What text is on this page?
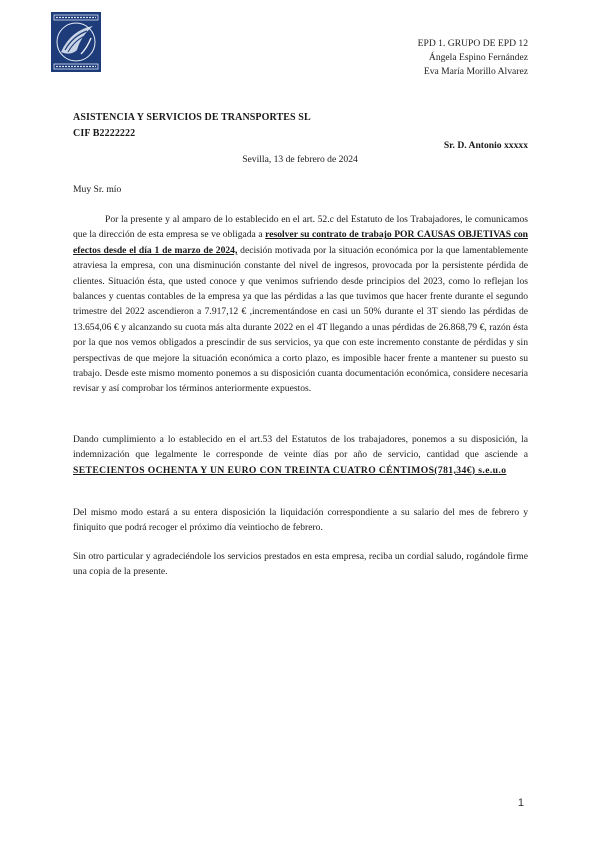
EPD 1. GRUPO DE EPD 12
Ángela Espino Fernández
Eva María Morillo Alvarez
ASISTENCIA Y SERVICIOS DE TRANSPORTES SL
CIF B2222222
Sr. D. Antonio xxxxx
Sevilla, 13 de febrero de 2024
Muy Sr. mío

Por la presente y al amparo de lo establecido en el art. 52.c del Estatuto de los Trabajadores, le comunicamos que la dirección de esta empresa se ve obligada a resolver su contrato de trabajo POR CAUSAS OBJETIVAS con efectos desde el día 1 de marzo de 2024, decisión motivada por la situación económica por la que lamentablemente atraviesa la empresa, con una disminución constante del nivel de ingresos, provocada por la persistente pérdida de clientes. Situación ésta, que usted conoce y que venimos sufriendo desde principios del 2023, como lo reflejan los balances y cuentas contables de la empresa ya que las pérdidas a las que tuvimos que hacer frente durante el segundo trimestre del 2022 ascendieron a 7.917,12 € ,incrementándose en casi un 50% durante el 3T siendo las pérdidas de 13.654,06 € y alcanzando su cuota más alta durante 2022 en el 4T llegando a unas pérdidas de 26.868,79 €, razón ésta por la que nos vemos obligados a prescindir de sus servicios, ya que con este incremento constante de pérdidas y sin perspectivas de que mejore la situación económica a corto plazo, es imposible hacer frente a mantener su puesto su trabajo. Desde este mismo momento ponemos a su disposición cuanta documentación económica, considere necesaria revisar y así comprobar los términos anteriormente expuestos.

Dando cumplimiento a lo establecido en el art.53 del Estatutos de los trabajadores, ponemos a su disposición, la indemnización que legalmente le corresponde de veinte días por año de servicio, cantidad que asciende a SETECIENTOS OCHENTA Y UN EURO CON TREINTA CUATRO CÉNTIMOS(781,34€) s.e.u.o

Del mismo modo estará a su entera disposición la liquidación correspondiente a su salario del mes de febrero y finiquito que podrá recoger el próximo día veintiocho de febrero.

Sin otro particular y agradeciéndole los servicios prestados en esta empresa, reciba un cordial saludo, rogándole firme una copia de la presente.

1
